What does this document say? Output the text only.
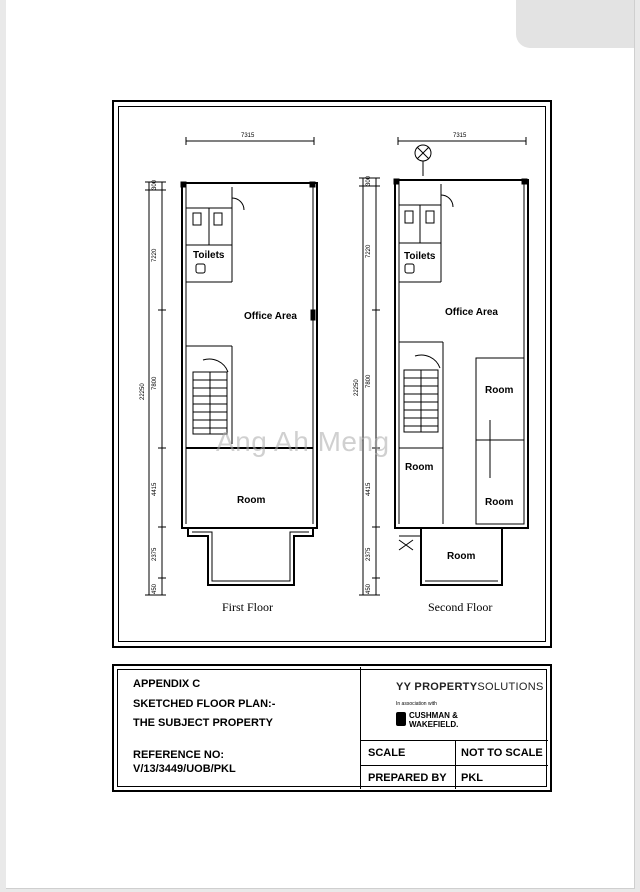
7315	7315
300
7220
22250 7800
4415
2375
450
300
7220
22250 7800
4415
2375
450
Toilets
Office Area
Room
First Floor
Toilets
Office Area
Room
Room
Room
Room
Second Floor
Ang Ah Meng
APPENDIX C
SKETCHED FLOOR PLAN:-
THE SUBJECT PROPERTY
REFERENCE NO:
V/13/3449/UOB/PKL
YY PROPERTYSOLUTIONS
In association with
CUSHMAN &
WAKEFIELD.
SCALE	NOT TO SCALE
PREPARED BY PKL
